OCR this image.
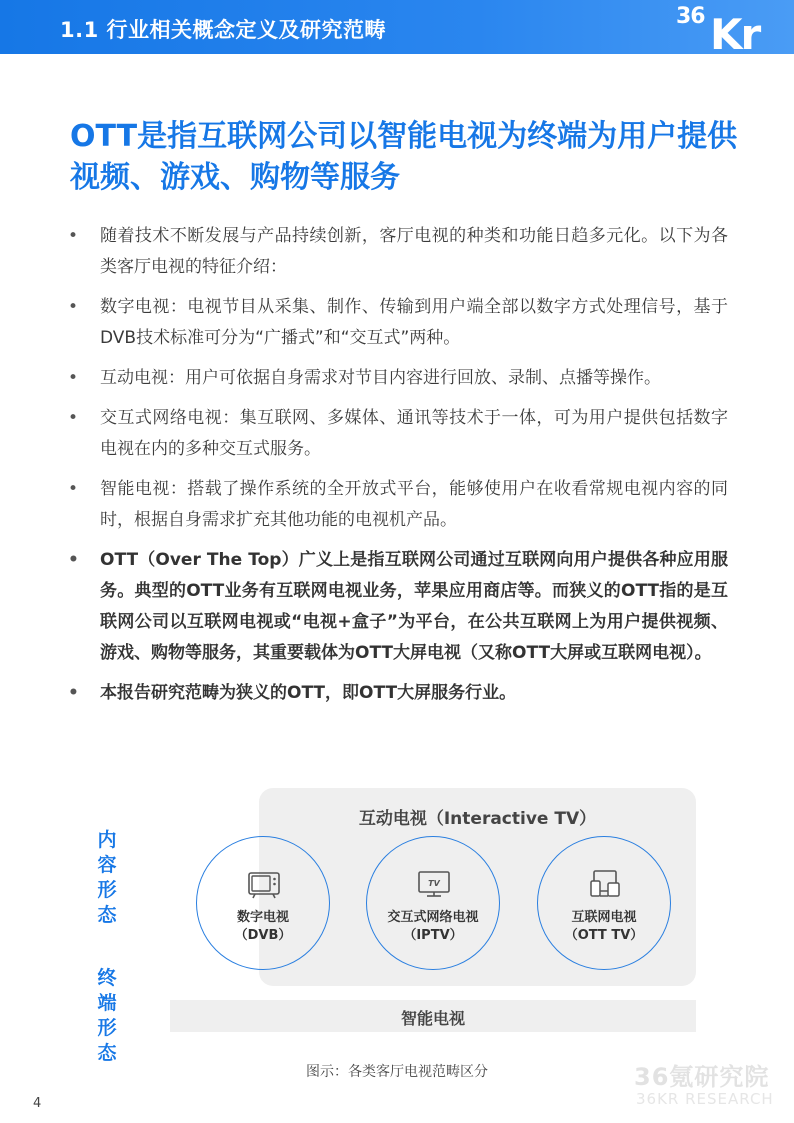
1.1 行业相关概念定义及研究范畴
36 Kr
OTT是指互联网公司以智能电视为终端为用户提供视频、游戏、购物等服务
• 随着技术不断发展与产品持续创新，客厅电视的种类和功能日趋多元化。以下为各类客厅电视的特征介绍：
• 数字电视：电视节目从采集、制作、传输到用户端全部以数字方式处理信号，基于DVB技术标准可分为“广播式”和“交互式”两种。
• 互动电视：用户可依据自身需求对节目内容进行回放、录制、点播等操作。
• 交互式网络电视：集互联网、多媒体、通讯等技术于一体，可为用户提供包括数字电视在内的多种交互式服务。
• 智能电视：搭载了操作系统的全开放式平台，能够使用户在收看常规电视内容的同时，根据自身需求扩充其他功能的电视机产品。
• OTT（Over The Top）广义上是指互联网公司通过互联网向用户提供各种应用服务。典型的OTT业务有互联网电视业务，苹果应用商店等。而狭义的OTT指的是互联网公司以互联网电视或“电视+盒子”为平台，在公共互联网上为用户提供视频、游戏、购物等服务，其重要载体为OTT大屏电视（又称OTT大屏或互联网电视）。
• 本报告研究范畴为狭义的OTT，即OTT大屏服务行业。
内容形态
终端形态
互动电视（Interactive TV）
智能电视
数字电视
（DVB）
TV
交互式网络电视
（IPTV）
互联网电视
（OTT TV）
图示：各类客厅电视范畴区分	36氪研究院
36KR RESEARCH
4
